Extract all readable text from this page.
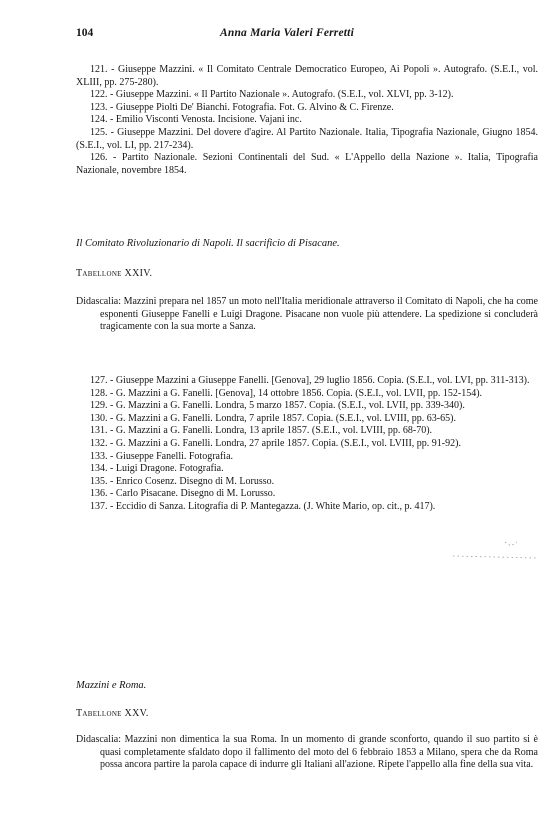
104	Anna Maria Valeri Ferretti

121. - Giuseppe Mazzini. « Il Comitato Centrale Democratico Europeo, Ai Popoli ». Autografo. (S.E.I., vol. XLIII, pp. 275-280).

122. - Giuseppe Mazzini. « Il Partito Nazionale ». Autografo. (S.E.I., vol. XLVI, pp. 3-12).

123. - Giuseppe Pioltì De' Bianchi. Fotografia. Fot. G. Alvino & C. Firenze.

124. - Emilio Visconti Venosta. Incisione. Vajani inc.

125. - Giuseppe Mazzini. Del dovere d'agire. Al Partito Nazionale. Italia, Tipografia Nazionale, Giugno 1854. (S.E.I., vol. LI, pp. 217-234).

126. - Partito Nazionale. Sezioni Continentali del Sud. « L'Appello della Nazione ». Italia, Tipografia Nazionale, novembre 1854.

Il Comitato Rivoluzionario di Napoli. Il sacrificio di Pisacane.
Tabellone XXIV.

Didascalia: Mazzini prepara nel 1857 un moto nell'Italia meridionale attraverso il Comitato di Napoli, che ha come esponenti Giuseppe Fanelli e Luigi Dragone. Pisacane non vuole più attendere. La spedizione si concluderà tragicamente con la sua morte a Sanza.

127. - Giuseppe Mazzini a Giuseppe Fanelli. [Genova], 29 luglio 1856. Copia. (S.E.I., vol. LVI, pp. 311-313).

128. - G. Mazzini a G. Fanelli. [Genova], 14 ottobre 1856. Copia. (S.E.I., vol. LVII, pp. 152-154).

129. - G. Mazzini a G. Fanelli. Londra, 5 marzo 1857. Copia. (S.E.I., vol. LVII, pp. 339-340).

130. - G. Mazzini a G. Fanelli. Londra, 7 aprile 1857. Copia. (S.E.I., vol. LVIII, pp. 63-65).

131. - G. Mazzini a G. Fanelli. Londra, 13 aprile 1857. (S.E.I., vol. LVIII, pp. 68-70).

132. - G. Mazzini a G. Fanelli. Londra, 27 aprile 1857. Copia. (S.E.I., vol. LVIII, pp. 91-92).

133. - Giuseppe Fanelli. Fotografia.

134. - Luigi Dragone. Fotografia.

135. - Enrico Cosenz. Disegno di M. Lorusso.

136. - Carlo Pisacane. Disegno di M. Lorusso.

137. - Eccidio di Sanza. Litografia di P. Mantegazza. (J. White Mario, op. cit., p. 417).

Mazzini e Roma.
Tabellone XXV.

Didascalia: Mazzini non dimentica la sua Roma. In un momento di grande sconforto, quando il suo partito si è quasi completamente sfaldato dopo il fallimento del moto del 6 febbraio 1853 a Milano, spera che da Roma possa ancora partire la parola capace di indurre gli Italiani all'azione. Ripete l'appello alla fine della sua vita.
